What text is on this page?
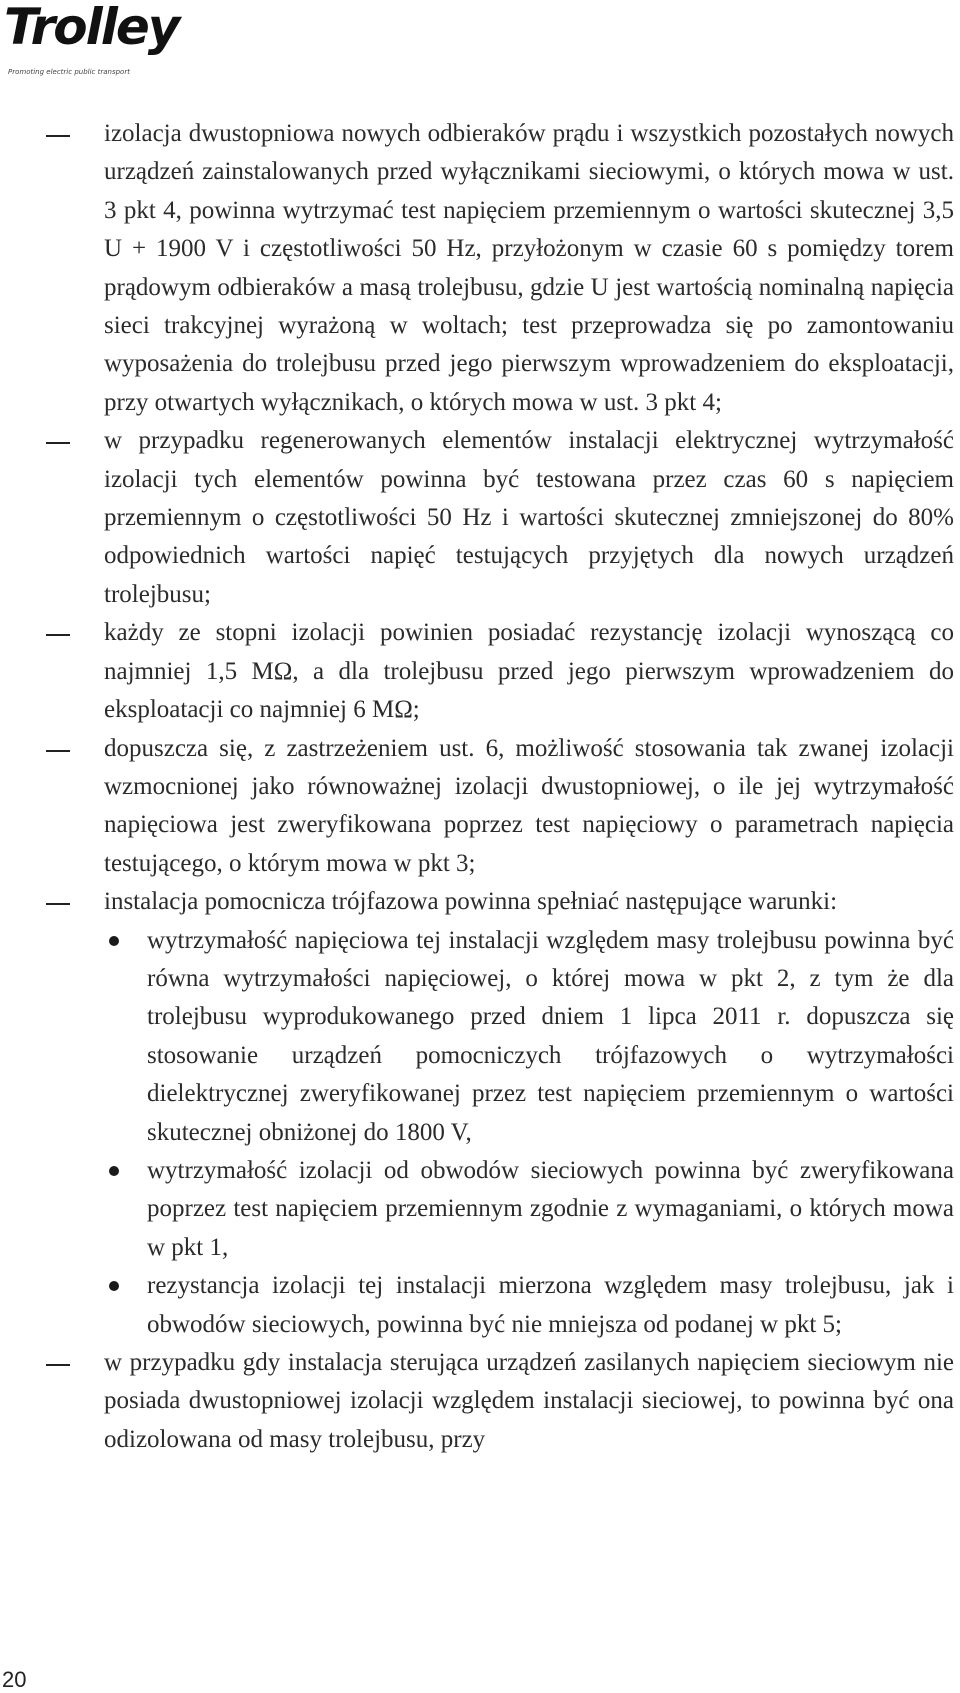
Trolley
Promoting electric public transport
izolacja dwustopniowa nowych odbieraków prądu i wszystkich pozostałych nowych urządzeń zainstalowanych przed wyłącznikami sieciowymi, o których mowa w ust. 3 pkt 4, powinna wytrzymać test napięciem przemiennym o wartości skutecznej 3,5 U + 1900 V i częstotliwości 50 Hz, przyłożonym w czasie 60 s pomiędzy torem prądowym odbieraków a masą trolejbusu, gdzie U jest wartością nominalną napięcia sieci trakcyjnej wyrażoną w woltach; test przeprowadza się po zamontowaniu wyposażenia do trolejbusu przed jego pierwszym wprowadzeniem do eksploatacji, przy otwartych wyłącznikach, o których mowa w ust. 3 pkt 4;
w przypadku regenerowanych elementów instalacji elektrycznej wytrzymałość izolacji tych elementów powinna być testowana przez czas 60 s napięciem przemiennym o częstotliwości 50 Hz i wartości skutecznej zmniejszonej do 80% odpowiednich wartości napięć testujących przyjętych dla nowych urządzeń trolejbusu;
każdy ze stopni izolacji powinien posiadać rezystancję izolacji wynoszącą co najmniej 1,5 MΩ, a dla trolejbusu przed jego pierwszym wprowadzeniem do eksploatacji co najmniej 6 MΩ;
dopuszcza się, z zastrzeżeniem ust. 6, możliwość stosowania tak zwanej izolacji wzmocnionej jako równoważnej izolacji dwustopniowej, o ile jej wytrzymałość napięciowa jest zweryfikowana poprzez test napięciowy o parametrach napięcia testującego, o którym mowa w pkt 3;
instalacja pomocnicza trójfazowa powinna spełniać następujące warunki:
wytrzymałość napięciowa tej instalacji względem masy trolejbusu powinna być równa wytrzymałości napięciowej, o której mowa w pkt 2, z tym że dla trolejbusu wyprodukowanego przed dniem 1 lipca 2011 r. dopuszcza się stosowanie urządzeń pomocniczych trójfazowych o wytrzymałości dielektrycznej zweryfikowanej przez test napięciem przemiennym o wartości skutecznej obniżonej do 1800 V,
wytrzymałość izolacji od obwodów sieciowych powinna być zweryfikowana poprzez test napięciem przemiennym zgodnie z wymaganiami, o których mowa w pkt 1,
rezystancja izolacji tej instalacji mierzona względem masy trolejbusu, jak i obwodów sieciowych, powinna być nie mniejsza od podanej w pkt 5;
w przypadku gdy instalacja sterująca urządzeń zasilanych napięciem sieciowym nie posiada dwustopniowej izolacji względem instalacji sieciowej, to powinna być ona odizolowana od masy trolejbusu, przy
20
